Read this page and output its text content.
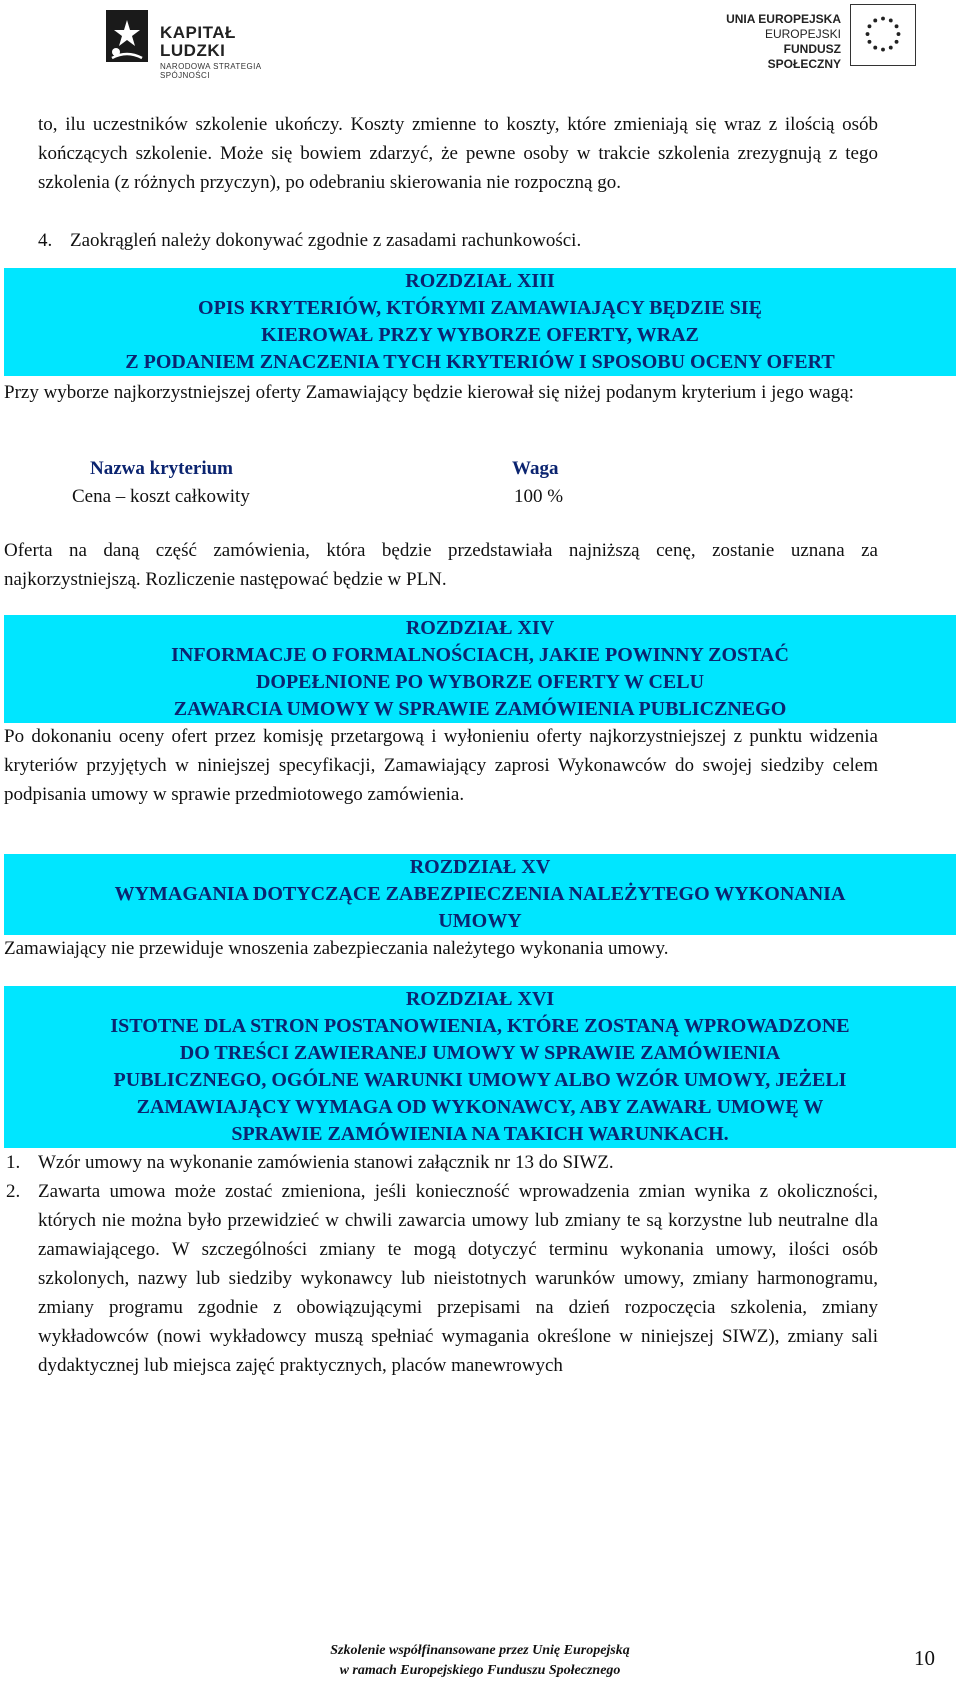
KAPITAŁ LUDZKI
NARODOWA STRATEGIA SPÓJNOŚCI
UNIA EUROPEJSKA
EUROPEJSKI
FUNDUSZ SPOŁECZNY
to, ilu uczestników szkolenie ukończy. Koszty zmienne to koszty, które zmieniają się wraz z ilością osób kończących szkolenie. Może się bowiem zdarzyć, że pewne osoby w trakcie szkolenia zrezygnują z tego szkolenia (z różnych przyczyn), po odebraniu skierowania nie rozpoczną go.
4. Zaokrągleń należy dokonywać zgodnie z zasadami rachunkowości.
ROZDZIAŁ XIII
OPIS KRYTERIÓW, KTÓRYMI ZAMAWIAJĄCY BĘDZIE SIĘ
KIEROWAŁ PRZY WYBORZE OFERTY, WRAZ
Z PODANIEM ZNACZENIA TYCH KRYTERIÓW I SPOSOBU OCENY OFERT
Przy wyborze najkorzystniejszej oferty Zamawiający będzie kierował się niżej podanym kryterium i jego wagą:
Nazwa kryterium	Waga
Cena – koszt całkowity	100 %
Oferta na daną część zamówienia, która będzie przedstawiała najniższą cenę, zostanie uznana za najkorzystniejszą. Rozliczenie następować będzie w PLN.
ROZDZIAŁ XIV
INFORMACJE O FORMALNOŚCIACH, JAKIE POWINNY ZOSTAĆ
DOPEŁNIONE PO WYBORZE OFERTY W CELU
ZAWARCIA UMOWY W SPRAWIE ZAMÓWIENIA PUBLICZNEGO
Po dokonaniu oceny ofert przez komisję przetargową i wyłonieniu oferty najkorzystniejszej z punktu widzenia kryteriów przyjętych w niniejszej specyfikacji, Zamawiający zaprosi Wykonawców do swojej siedziby celem podpisania umowy w sprawie przedmiotowego zamówienia.
ROZDZIAŁ XV
WYMAGANIA DOTYCZĄCE ZABEZPIECZENIA NALEŻYTEGO WYKONANIA
UMOWY
Zamawiający nie przewiduje wnoszenia zabezpieczania należytego wykonania umowy.
ROZDZIAŁ XVI
ISTOTNE DLA STRON POSTANOWIENIA, KTÓRE ZOSTANĄ WPROWADZONE
DO TREŚCI ZAWIERANEJ UMOWY W SPRAWIE ZAMÓWIENIA
PUBLICZNEGO, OGÓLNE WARUNKI UMOWY ALBO WZÓR UMOWY, JEŻELI
ZAMAWIAJĄCY WYMAGA OD WYKONAWCY, ABY ZAWARŁ UMOWĘ W
SPRAWIE ZAMÓWIENIA NA TAKICH WARUNKACH.
1. Wzór umowy na wykonanie zamówienia stanowi załącznik nr 13 do SIWZ.
2. Zawarta umowa może zostać zmieniona, jeśli konieczność wprowadzenia zmian wynika z okoliczności, których nie można było przewidzieć w chwili zawarcia umowy lub zmiany te są korzystne lub neutralne dla zamawiającego. W szczególności zmiany te mogą dotyczyć terminu wykonania umowy, ilości osób szkolonych, nazwy lub siedziby wykonawcy lub nieistotnych warunków umowy, zmiany harmonogramu, zmiany programu zgodnie z obowiązującymi przepisami na dzień rozpoczęcia szkolenia, zmiany wykładowców (nowi wykładowcy muszą spełniać wymagania określone w niniejszej SIWZ), zmiany sali dydaktycznej lub miejsca zajęć praktycznych, placów manewrowych
Szkolenie współfinansowane przez Unię Europejską
w ramach Europejskiego Funduszu Społecznego
10
